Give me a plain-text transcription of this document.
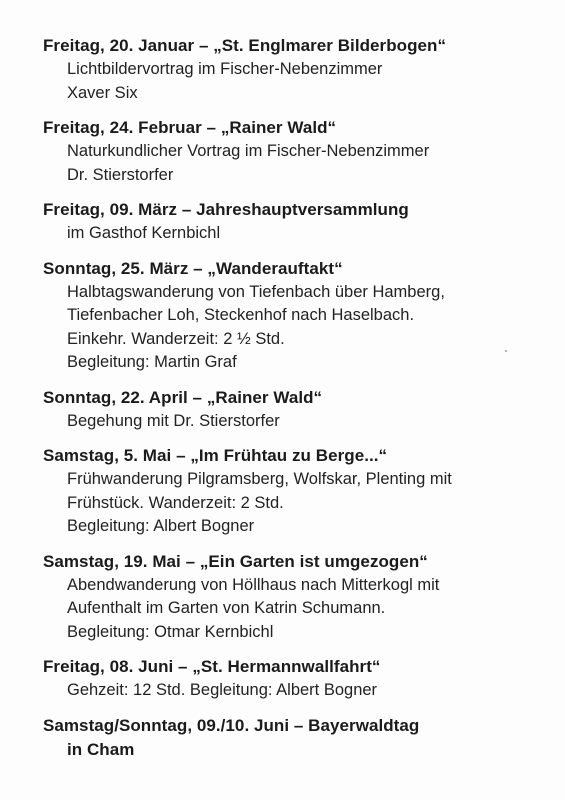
Freitag, 20. Januar – „St. Englmarer Bilderbogen“
Lichtbildervortrag im Fischer-Nebenzimmer
Xaver Six
Freitag, 24. Februar – „Rainer Wald“
Naturkundlicher Vortrag im Fischer-Nebenzimmer
Dr. Stierstorfer
Freitag, 09. März – Jahreshauptversammlung
im Gasthof Kernbichl
Sonntag, 25. März – „Wanderauftakt“
Halbtagswanderung von Tiefenbach über Hamberg,
Tiefenbacher Loh, Steckenhof nach Haselbach.
Einkehr. Wanderzeit: 2 ½ Std.
Begleitung: Martin Graf
Sonntag, 22. April – „Rainer Wald“
Begehung mit Dr. Stierstorfer
Samstag, 5. Mai – „Im Frühtau zu Berge...“
Frühwanderung Pilgramsberg, Wolfskar, Plenting mit
Frühstück. Wanderzeit: 2 Std.
Begleitung: Albert Bogner
Samstag, 19. Mai – „Ein Garten ist umgezogen“
Abendwanderung von Höllhaus nach Mitterkogl mit
Aufenthalt im Garten von Katrin Schumann.
Begleitung: Otmar Kernbichl
Freitag, 08. Juni – „St. Hermannwallfahrt“
Gehzeit: 12 Std. Begleitung: Albert Bogner
Samstag/Sonntag, 09./10. Juni – Bayerwaldtag
in Cham
